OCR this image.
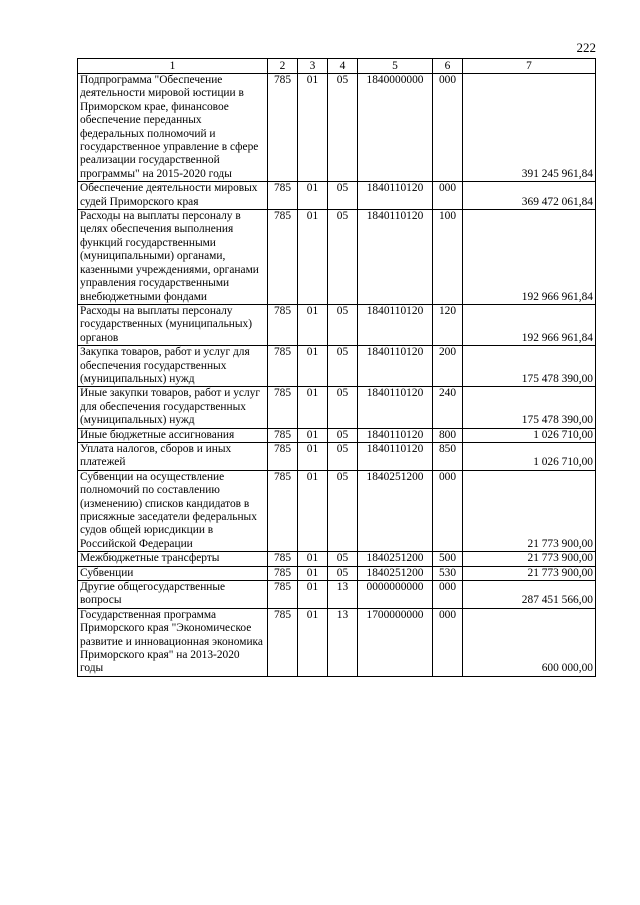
222
1	2	3	4	5	6	7
Подпрограмма "Обеспечение деятельности мировой юстиции в Приморском крае, финансовое обеспечение переданных федеральных полномочий и государственное управление в сфере реализации государственной программы" на 2015-2020 годы	785	01	05	1840000000	000	391 245 961,84
Обеспечение деятельности мировых судей Приморского края	785	01	05	1840110120	000	369 472 061,84
Расходы на выплаты персоналу в целях обеспечения выполнения функций государственными (муниципальными) органами, казенными учреждениями, органами управления государственными внебюджетными фондами	785	01	05	1840110120	100	192 966 961,84
Расходы на выплаты персоналу государственных (муниципальных) органов	785	01	05	1840110120	120	192 966 961,84
Закупка товаров, работ и услуг для обеспечения государственных (муниципальных) нужд	785	01	05	1840110120	200	175 478 390,00
Иные закупки товаров, работ и услуг для обеспечения государственных (муниципальных) нужд	785	01	05	1840110120	240	175 478 390,00
Иные бюджетные ассигнования	785	01	05	1840110120	800	1 026 710,00
Уплата налогов, сборов и иных платежей	785	01	05	1840110120	850	1 026 710,00
Субвенции на осуществление полномочий по составлению (изменению) списков кандидатов в присяжные заседатели федеральных судов общей юрисдикции в Российской Федерации	785	01	05	1840251200	000	21 773 900,00
Межбюджетные трансферты	785	01	05	1840251200	500	21 773 900,00
Субвенции	785	01	05	1840251200	530	21 773 900,00
Другие общегосударственные вопросы	785	01	13	0000000000	000	287 451 566,00
Государственная программа Приморского края "Экономическое развитие и инновационная экономика Приморского края" на 2013-2020 годы	785	01	13	1700000000	000	600 000,00
